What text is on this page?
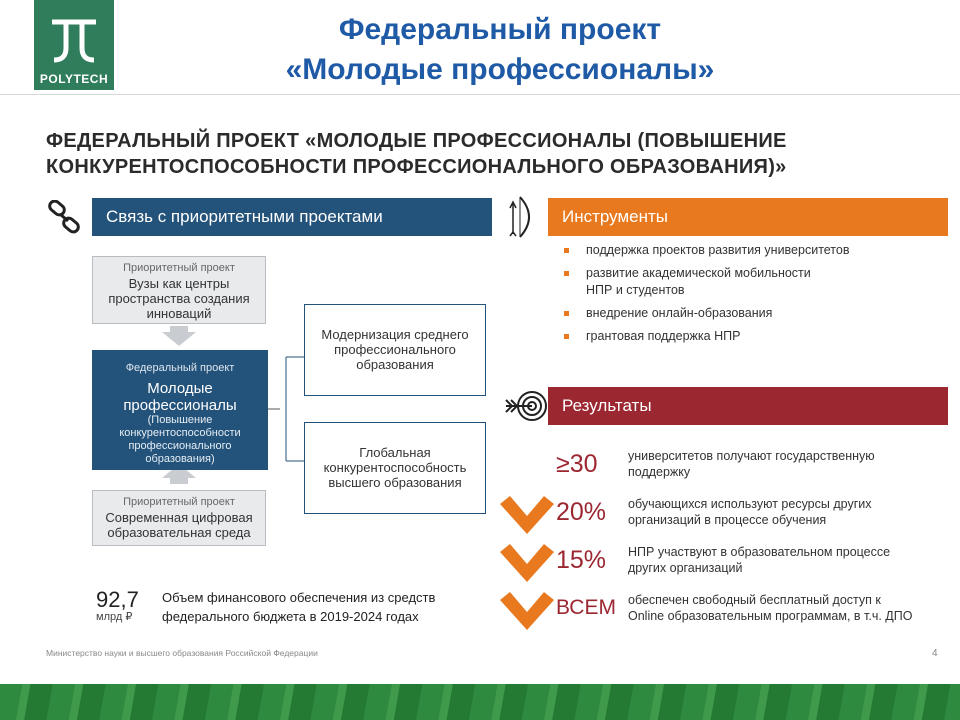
POLYTECH
Федеральный проект
«Молодые профессионалы»
ФЕДЕРАЛЬНЫЙ ПРОЕКТ «МОЛОДЫЕ ПРОФЕССИОНАЛЫ (ПОВЫШЕНИЕ
КОНКУРЕНТОСПОСОБНОСТИ ПРОФЕССИОНАЛЬНОГО ОБРАЗОВАНИЯ)»
Связь с приоритетными проектами	Инструменты
Результаты
Приоритетный проект
Вузы как центры
пространства создания
инноваций
Федеральный проект
Молодые
профессионалы
(Повышение
конкурентоспособности
профессионального
образования)
Приоритетный проект
Современная цифровая
образовательная среда
Модернизация среднего
профессионального
образования
Глобальная
конкурентоспособность
высшего образования
92,7
млрд ₽
Объем финансового обеспечения из средств
федерального бюджета в 2019-2024 годах
поддержка проектов развития университетов
развитие академической мобильности
НПР и студентов
внедрение онлайн-образования
грантовая поддержка НПР
≥30	университетов получают государственную
поддержку
20%	обучающихся используют ресурсы других
организаций в процессе обучения
15%	НПР участвуют в образовательном процессе
других организаций
ВСЕМ обеспечен свободный бесплатный доступ к
Online образовательным программам, в т.ч. ДПО
Министерство науки и высшего образования Российской Федерации	4
